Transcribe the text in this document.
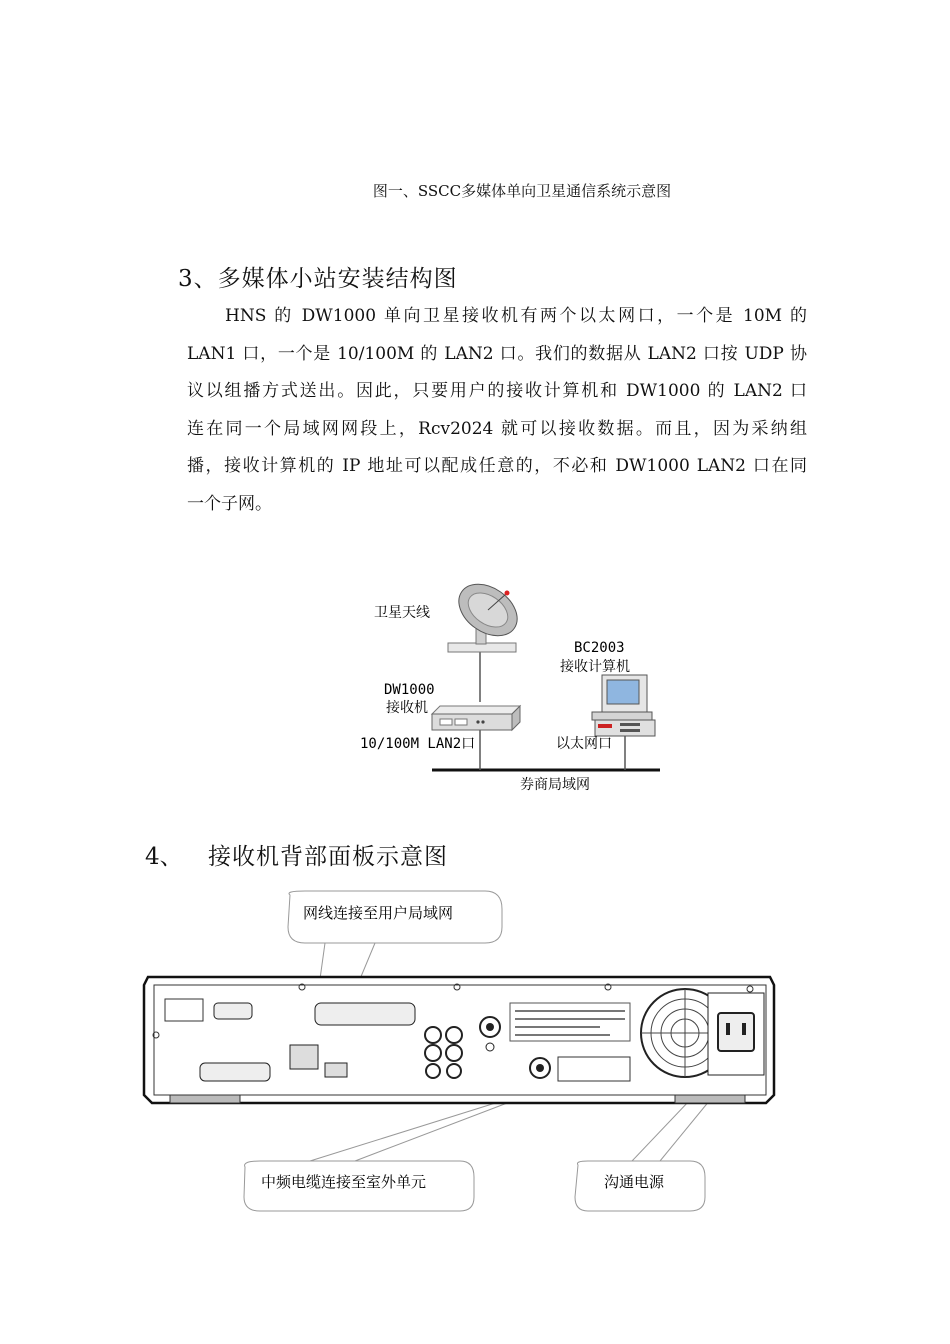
图一、SSCC多媒体单向卫星通信系统示意图
3、多媒体小站安装结构图
HNS 的 DW1000 单向卫星接收机有两个以太网口，一个是 10M 的
LAN1 口，一个是 10/100M 的 LAN2 口。我们的数据从 LAN2 口按 UDP 协
议以组播方式送出。因此，只要用户的接收计算机和 DW1000 的 LAN2 口
连在同一个局域网网段上，Rcv2024 就可以接收数据。而且，因为采纳组
播，接收计算机的 IP 地址可以配成任意的，不必和 DW1000 LAN2 口在同
一个子网。
卫星天线
DW1000
接收机
10/100M LAN2口
BC2003
接收计算机
以太网口
券商局域网
4、 接收机背部面板示意图
网线连接至用户局域网
中频电缆连接至室外单元	沟通电源
